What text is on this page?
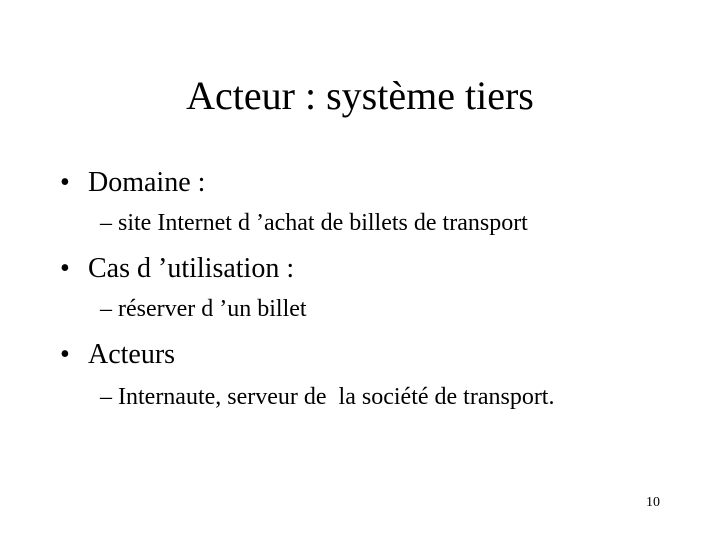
Acteur : système tiers
• Domaine :
– site Internet d ’achat de billets de transport
• Cas d ’utilisation :
– réserver d ’un billet
• Acteurs
– Internaute, serveur de  la société de transport.
10
